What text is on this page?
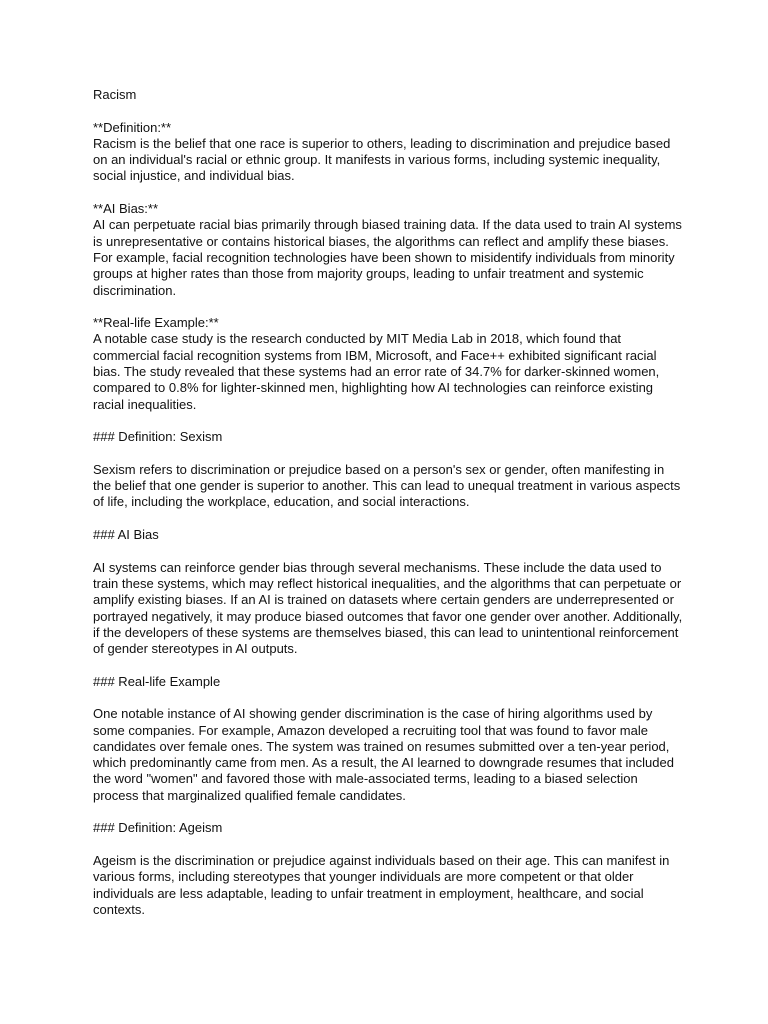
Racism

**Definition:**

Racism is the belief that one race is superior to others, leading to discrimination and prejudice based on an individual's racial or ethnic group. It manifests in various forms, including systemic inequality, social injustice, and individual bias.

**AI Bias:**

AI can perpetuate racial bias primarily through biased training data. If the data used to train AI systems is unrepresentative or contains historical biases, the algorithms can reflect and amplify these biases. For example, facial recognition technologies have been shown to misidentify individuals from minority groups at higher rates than those from majority groups, leading to unfair treatment and systemic discrimination.

**Real-life Example:**

A notable case study is the research conducted by MIT Media Lab in 2018, which found that commercial facial recognition systems from IBM, Microsoft, and Face++ exhibited significant racial bias. The study revealed that these systems had an error rate of 34.7% for darker-skinned women, compared to 0.8% for lighter-skinned men, highlighting how AI technologies can reinforce existing racial inequalities.

### Definition: Sexism

Sexism refers to discrimination or prejudice based on a person's sex or gender, often manifesting in the belief that one gender is superior to another. This can lead to unequal treatment in various aspects of life, including the workplace, education, and social interactions.

### AI Bias

AI systems can reinforce gender bias through several mechanisms. These include the data used to train these systems, which may reflect historical inequalities, and the algorithms that can perpetuate or amplify existing biases. If an AI is trained on datasets where certain genders are underrepresented or portrayed negatively, it may produce biased outcomes that favor one gender over another. Additionally, if the developers of these systems are themselves biased, this can lead to unintentional reinforcement of gender stereotypes in AI outputs.

### Real-life Example

One notable instance of AI showing gender discrimination is the case of hiring algorithms used by some companies. For example, Amazon developed a recruiting tool that was found to favor male candidates over female ones. The system was trained on resumes submitted over a ten-year period, which predominantly came from men. As a result, the AI learned to downgrade resumes that included the word "women" and favored those with male-associated terms, leading to a biased selection process that marginalized qualified female candidates.

### Definition: Ageism

Ageism is the discrimination or prejudice against individuals based on their age. This can manifest in various forms, including stereotypes that younger individuals are more competent or that older individuals are less adaptable, leading to unfair treatment in employment, healthcare, and social contexts.
